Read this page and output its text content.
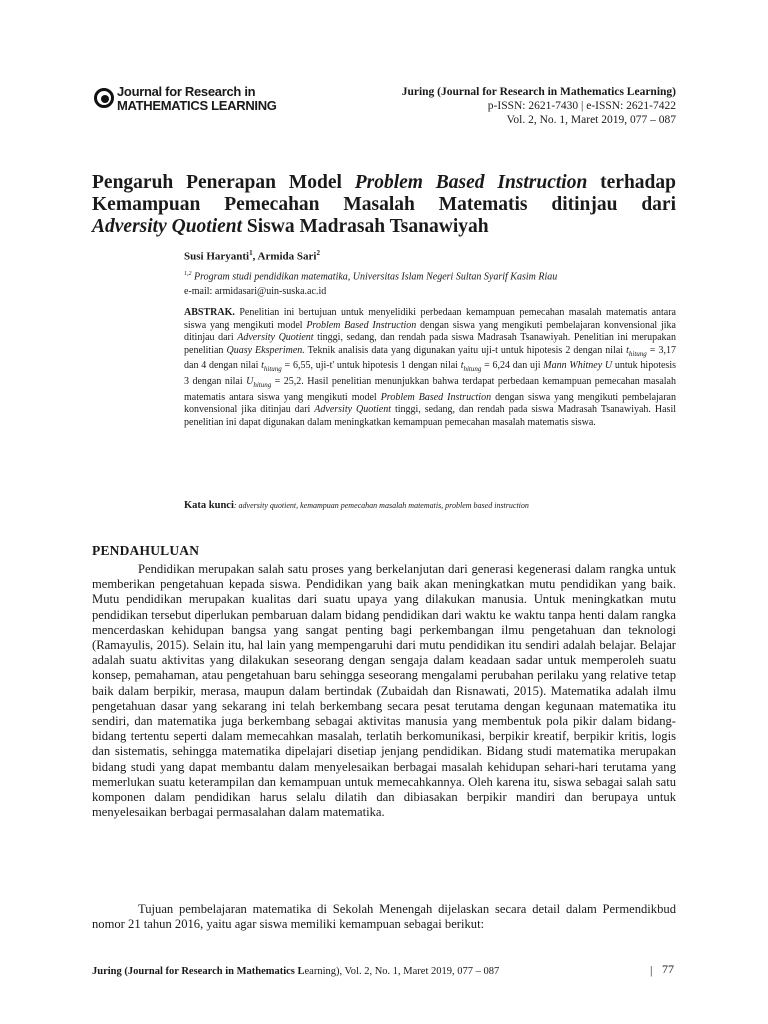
Journal for Research in
MATHEMATICS LEARNING
Juring (Journal for Research in Mathematics Learning)
p-ISSN: 2621-7430 | e-ISSN: 2621-7422
Vol. 2, No. 1, Maret 2019, 077 – 087
Pengaruh Penerapan Model Problem Based Instruction terhadap
Kemampuan Pemecahan Masalah Matematis ditinjau dari
Adversity Quotient Siswa Madrasah Tsanawiyah
Susi Haryanti$^1$, Armida Sari$^2$
$^{1,2}$ Program studi pendidikan matematika, Universitas Islam Negeri Sultan Syarif Kasim Riau
e-mail: armidasari@uin-suska.ac.id
ABSTRAK. Penelitian ini bertujuan untuk menyelidiki perbedaan kemampuan pemecahan masalah matematis antara siswa yang mengikuti model Problem Based Instruction dengan siswa yang mengikuti pembelajaran konvensional jika ditinjau dari Adversity Quotient tinggi, sedang, dan rendah pada siswa Madrasah Tsanawiyah. Penelitian ini merupakan penelitian Quasy Eksperimen. Teknik analisis data yang digunakan yaitu uji-t untuk hipotesis 2 dengan nilai $t_{hitung} = 3,17$ dan 4 dengan nilai $t_{hitung} = 6,55$, uji-t' untuk hipotesis 1 dengan nilai $t_{hitung} = 6,24$ dan uji Mann Whitney U untuk hipotesis 3 dengan nilai $U_{hitung} = 25,2$. Hasil penelitian menunjukkan bahwa terdapat perbedaan kemampuan pemecahan masalah matematis antara siswa yang mengikuti model Problem Based Instruction dengan siswa yang mengikuti pembelajaran konvensional jika ditinjau dari Adversity Quotient tinggi, sedang, dan rendah pada siswa Madrasah Tsanawiyah. Hasil penelitian ini dapat digunakan dalam meningkatkan kemampuan pemecahan masalah matematis siswa.
Kata kunci: adversity quotient, kemampuan pemecahan masalah matematis, problem based instruction
PENDAHULUAN

Pendidikan merupakan salah satu proses yang berkelanjutan dari generasi kegenerasi dalam rangka untuk memberikan pengetahuan kepada siswa. Pendidikan yang baik akan meningkatkan mutu pendidikan yang baik. Mutu pendidikan merupakan kualitas dari suatu upaya yang dilakukan manusia. Untuk meningkatkan mutu pendidikan tersebut diperlukan pembaruan dalam bidang pendidikan dari waktu ke waktu tanpa henti dalam rangka mencerdaskan kehidupan bangsa yang sangat penting bagi perkembangan ilmu pengetahuan dan teknologi (Ramayulis, 2015). Selain itu, hal lain yang mempengaruhi dari mutu pendidikan itu sendiri adalah belajar. Belajar adalah suatu aktivitas yang dilakukan seseorang dengan sengaja dalam keadaan sadar untuk memperoleh suatu konsep, pemahaman, atau pengetahuan baru sehingga seseorang mengalami perubahan perilaku yang relative tetap baik dalam berpikir, merasa, maupun dalam bertindak (Zubaidah dan Risnawati, 2015). Matematika adalah ilmu pengetahuan dasar yang sekarang ini telah berkembang secara pesat terutama dengan kegunaan matematika itu sendiri, dan matematika juga berkembang sebagai aktivitas manusia yang membentuk pola pikir dalam bidang-bidang tertentu seperti dalam memecahkan masalah, terlatih berkomunikasi, berpikir kreatif, berpikir kritis, logis dan sistematis, sehingga matematika dipelajari disetiap jenjang pendidikan. Bidang studi matematika merupakan bidang studi yang dapat membantu dalam menyelesaikan berbagai masalah kehidupan sehari-hari terutama yang memerlukan suatu keterampilan dan kemampuan untuk memecahkannya. Oleh karena itu, siswa sebagai salah satu komponen dalam pendidikan harus selalu dilatih dan dibiasakan berpikir mandiri dan berupaya untuk menyelesaikan berbagai permasalahan dalam matematika.

Tujuan pembelajaran matematika di Sekolah Menengah dijelaskan secara detail dalam Permendikbud nomor 21 tahun 2016, yaitu agar siswa memiliki kemampuan sebagai berikut:

Juring (Journal for Research in Mathematics Learning), Vol. 2, No. 1, Maret 2019, 077 – 087	| 77
